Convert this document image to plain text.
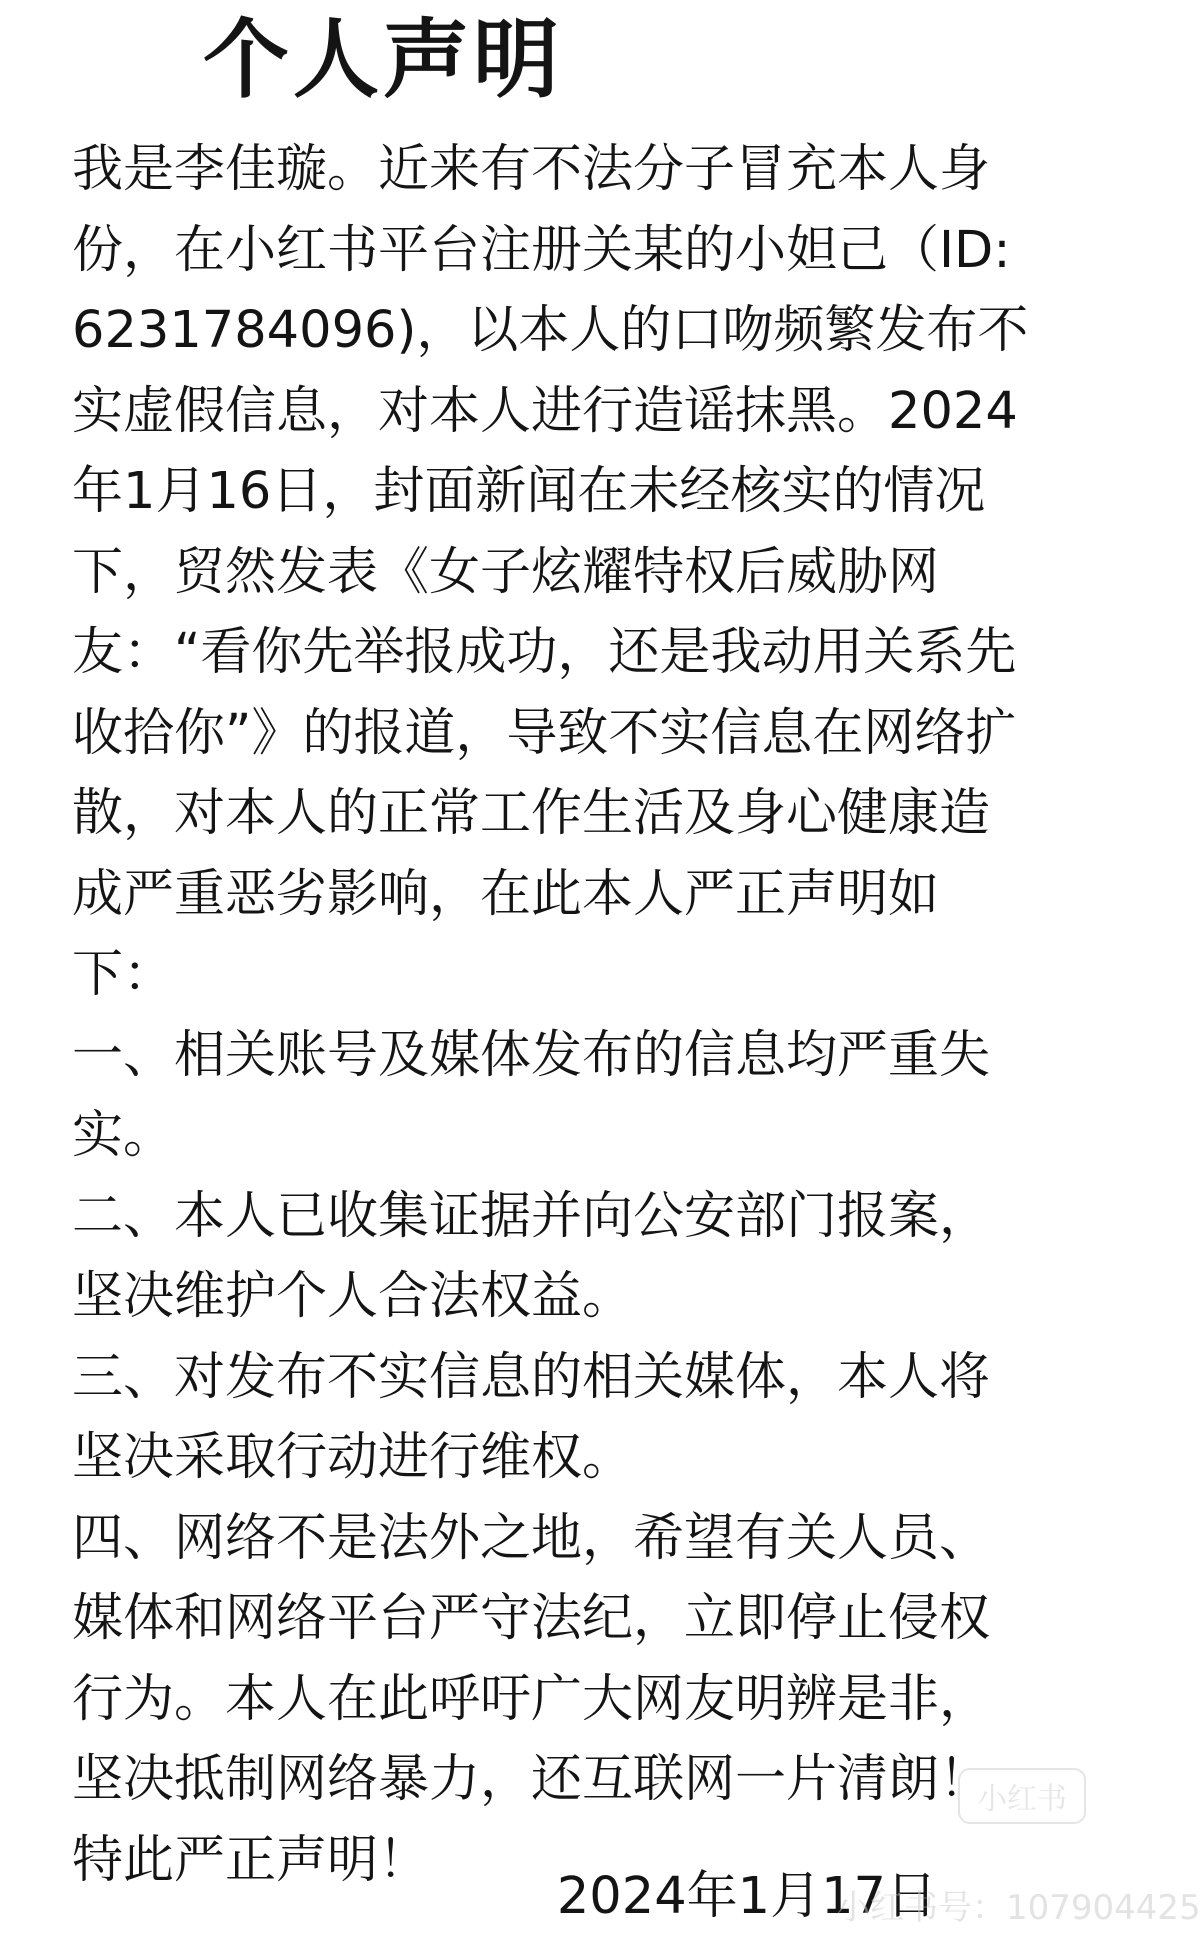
个人声明
我是李佳璇。近来有不法分子冒充本人身
份，在小红书平台注册关某的小妲己（ID:
6231784096)，以本人的口吻频繁发布不
实虚假信息，对本人进行造谣抹黑。2024
年1月16日，封面新闻在未经核实的情况
下，贸然发表《女子炫耀特权后威胁网
友：“看你先举报成功，还是我动用关系先
收拾你”》的报道，导致不实信息在网络扩
散，对本人的正常工作生活及身心健康造
成严重恶劣影响，在此本人严正声明如
下：
一、相关账号及媒体发布的信息均严重失
实。
二、本人已收集证据并向公安部门报案，
坚决维护个人合法权益。
三、对发布不实信息的相关媒体，本人将
坚决采取行动进行维权。
四、网络不是法外之地，希望有关人员、
媒体和网络平台严守法纪，立即停止侵权
行为。本人在此呼吁广大网友明辨是非，
坚决抵制网络暴力，还互联网一片清朗！
特此严正声明！
小红书
2024年1月17日
小红书号：107904425
